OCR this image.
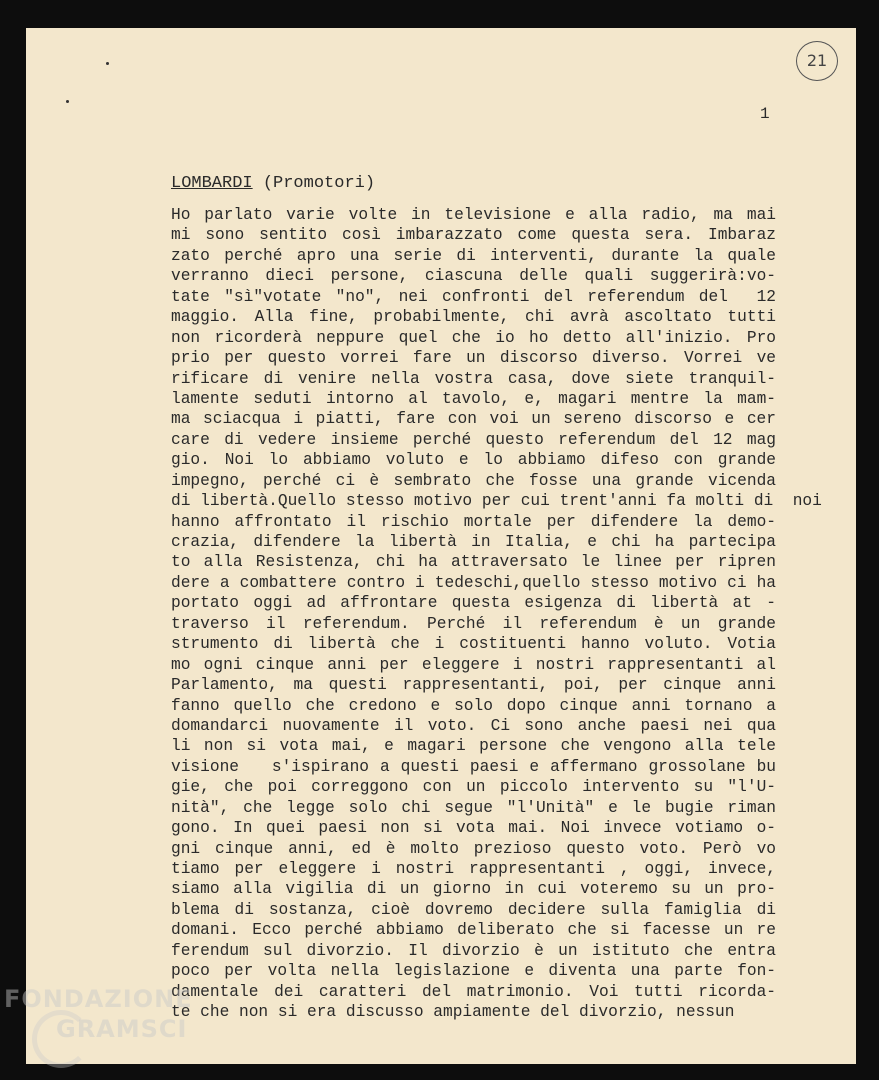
21
1
LOMBARDI (Promotori)
Ho parlato varie volte in televisione e alla radio, ma mai
mi sono sentito così imbarazzato come questa sera. Imbaraz
zato perché apro una serie di interventi, durante la quale
verranno dieci persone, ciascuna delle quali suggerirà:vo-
tate "sì"votate "no", nei confronti del referendum del  12
maggio. Alla fine, probabilmente, chi avrà ascoltato tutti
non ricorderà neppure quel che io ho detto all'inizio. Pro
prio per questo vorrei fare un discorso diverso. Vorrei ve
rificare di venire nella vostra casa, dove siete tranquil-
lamente seduti intorno al tavolo, e, magari mentre la mam-
ma sciacqua i piatti, fare con voi un sereno discorso e cer
care di vedere insieme perché questo referendum del 12 mag
gio. Noi lo abbiamo voluto e lo abbiamo difeso con grande
impegno, perché ci è sembrato che fosse una grande vicenda
di libertà.Quello stesso motivo per cui trent'anni fa molti di  noi
hanno affrontato il rischio mortale per difendere la demo-
crazia, difendere la libertà in Italia, e chi ha partecipa
to alla Resistenza, chi ha attraversato le linee per ripren
dere a combattere contro i tedeschi,quello stesso motivo ci ha
portato oggi ad affrontare questa esigenza di libertà at -
traverso il referendum. Perché il referendum è un grande
strumento di libertà che i costituenti hanno voluto. Votia
mo ogni cinque anni per eleggere i nostri rappresentanti al
Parlamento, ma questi rappresentanti, poi, per cinque anni
fanno quello che credono e solo dopo cinque anni tornano a
domandarci nuovamente il voto. Ci sono anche paesi nei qua
li non si vota mai, e magari persone che vengono alla tele
visione   s'ispirano a questi paesi e affermano grossolane bu
gie, che poi correggono con un piccolo intervento su "l'U-
nità", che legge solo chi segue "l'Unità" e le bugie riman
gono. In quei paesi non si vota mai. Noi invece votiamo o-
gni cinque anni, ed è molto prezioso questo voto. Però vo
tiamo per eleggere i nostri rappresentanti , oggi, invece,
siamo alla vigilia di un giorno in cui voteremo su un pro-
blema di sostanza, cioè dovremo decidere sulla famiglia di
domani. Ecco perché abbiamo deliberato che si facesse un re
ferendum sul divorzio. Il divorzio è un istituto che entra
poco per volta nella legislazione e diventa una parte fon-
damentale dei caratteri del matrimonio. Voi tutti ricorda-
te che non si era discusso ampiamente del divorzio, nessun
FONDAZIONE
GRAMSCI
